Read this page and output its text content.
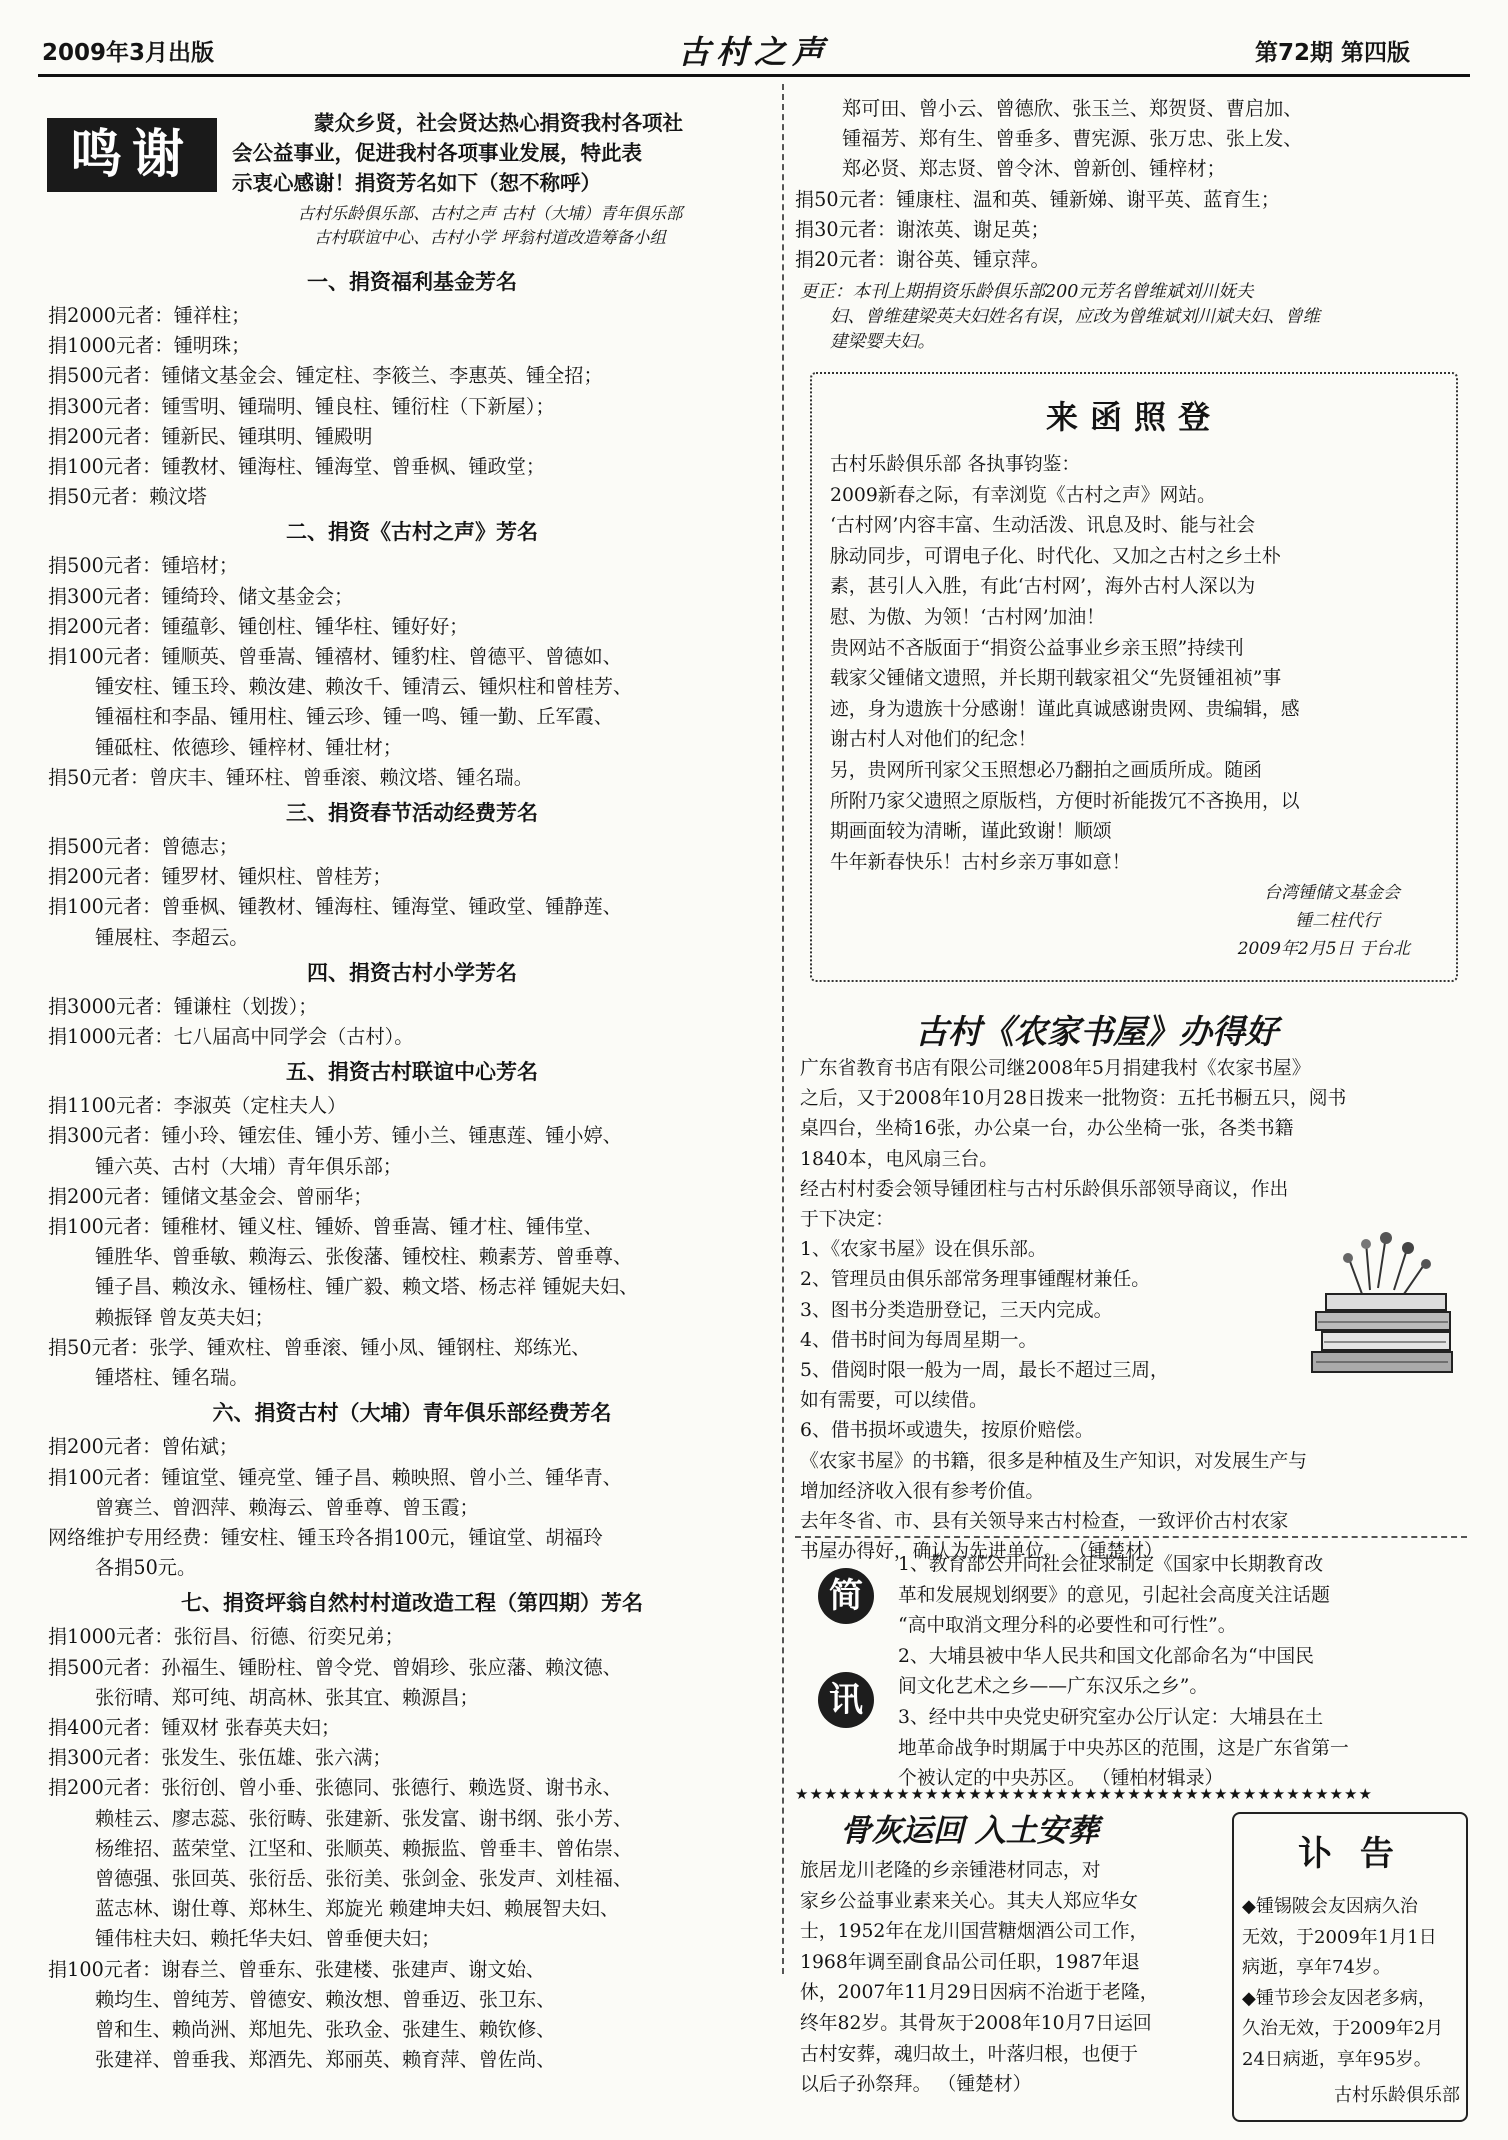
2009年3月出版	古村之声	第72期 第四版
鸣谢

蒙众乡贤，社会贤达热心捐资我村各项社

会公益事业，促进我村各项事业发展，特此表

示衷心感谢！捐资芳名如下（恕不称呼）

古村乐龄俱乐部、古村之声 古村（大埔）青年俱乐部

古村联谊中心、古村小学 坪翁村道改造筹备小组

一、捐资福利基金芳名

捐2000元者：锺祥柱；

捐1000元者：锺明珠；

捐500元者：锺储文基金会、锺定柱、李筱兰、李惠英、锺全招；

捐300元者：锺雪明、锺瑞明、锺良柱、锺衍柱（下新屋）；

捐200元者：锺新民、锺琪明、锺殿明

捐100元者：锺教材、锺海柱、锺海堂、曾垂枫、锺政堂；

捐50元者：赖汶塔

二、捐资《古村之声》芳名

捐500元者：锺培材；

捐300元者：锺绮玲、储文基金会；

捐200元者：锺蕴彰、锺创柱、锺华柱、锺好好；

捐100元者：锺顺英、曾垂嵩、锺禧材、锺豹柱、曾德平、曾德如、

锺安柱、锺玉玲、赖汝建、赖汝千、锺清云、锺炽柱和曾桂芳、

锺福柱和李晶、锺用柱、锺云珍、锺一鸣、锺一勤、丘军霞、

锺砥柱、侬德珍、锺梓材、锺壮材；

捐50元者：曾庆丰、锺环柱、曾垂滚、赖汶塔、锺名瑞。

三、捐资春节活动经费芳名

捐500元者：曾德志；

捐200元者：锺罗材、锺炽柱、曾桂芳；

捐100元者：曾垂枫、锺教材、锺海柱、锺海堂、锺政堂、锺静莲、

锺展柱、李超云。

四、捐资古村小学芳名

捐3000元者：锺谦柱（划拨）；

捐1000元者：七八届高中同学会（古村）。

五、捐资古村联谊中心芳名

捐1100元者：李淑英（定柱夫人）

捐300元者：锺小玲、锺宏佳、锺小芳、锺小兰、锺惠莲、锺小婷、

锺六英、古村（大埔）青年俱乐部；

捐200元者：锺储文基金会、曾丽华；

捐100元者：锺稚材、锺义柱、锺娇、曾垂嵩、锺才柱、锺伟堂、

锺胜华、曾垂敏、赖海云、张俊藩、锺校柱、赖素芳、曾垂尊、

锺子昌、赖汝永、锺杨柱、锺广毅、赖文塔、杨志祥 锺妮夫妇、

赖振铎 曾友英夫妇；

捐50元者：张学、锺欢柱、曾垂滚、锺小凤、锺钢柱、郑练光、

锺塔柱、锺名瑞。

六、捐资古村（大埔）青年俱乐部经费芳名

捐200元者：曾佑斌；

捐100元者：锺谊堂、锺亮堂、锺子昌、赖映照、曾小兰、锺华青、

曾赛兰、曾泗萍、赖海云、曾垂尊、曾玉霞；

网络维护专用经费：锺安柱、锺玉玲各捐100元，锺谊堂、胡福玲

各捐50元。

七、捐资坪翁自然村村道改造工程（第四期）芳名

捐1000元者：张衍昌、衍德、衍奕兄弟；

捐500元者：孙福生、锺盼柱、曾令党、曾娟珍、张应藩、赖汶德、

张衍晴、郑可纯、胡高林、张其宜、赖源昌；

捐400元者：锺双材 张春英夫妇；

捐300元者：张发生、张伍雄、张六满；

捐200元者：张衍创、曾小垂、张德同、张德行、赖选贤、谢书永、

赖桂云、廖志蕊、张衍畴、张建新、张发富、谢书纲、张小芳、

杨维招、蓝荣堂、江坚和、张顺英、赖振监、曾垂丰、曾佑崇、

曾德强、张回英、张衍岳、张衍美、张剑金、张发声、刘桂福、

蓝志林、谢仕尊、郑林生、郑旋光 赖建坤夫妇、赖展智夫妇、

锺伟柱夫妇、赖托华夫妇、曾垂便夫妇；

捐100元者：谢春兰、曾垂东、张建楼、张建声、谢文始、

赖均生、曾纯芳、曾德安、赖汝想、曾垂迈、张卫东、

曾和生、赖尚洲、郑旭先、张玖金、张建生、赖钦修、

张建祥、曾垂我、郑酒先、郑丽英、赖育萍、曾佐尚、

郑可田、曾小云、曾德欣、张玉兰、郑贺贤、曹启加、

锺福芳、郑有生、曾垂多、曹宪源、张万忠、张上发、

郑必贤、郑志贤、曾令沐、曾新创、锺梓材；

捐50元者：锺康柱、温和英、锺新娣、谢平英、蓝育生；

捐30元者：谢浓英、谢足英；

捐20元者：谢谷英、锺京萍。

更正：本刊上期捐资乐龄俱乐部200元芳名曾维斌刘川妩夫

妇、曾维建梁英夫妇姓名有误，应改为曾维斌刘川斌夫妇、曾维

建梁婴夫妇。

来函照登

古村乐龄俱乐部 各执事钧鉴：

2009新春之际，有幸浏览《古村之声》网站。

‘古村网’内容丰富、生动活泼、讯息及时、能与社会

脉动同步，可谓电子化、时代化、又加之古村之乡土朴

素，甚引人入胜，有此‘古村网’，海外古村人深以为

慰、为傲、为领！‘古村网’加油！

贵网站不吝版面于“捐资公益事业乡亲玉照”持续刊

载家父锺储文遗照，并长期刊载家祖父“先贤锺祖祯”事

迹，身为遗族十分感谢！谨此真诚感谢贵网、贵编辑，感

谢古村人对他们的纪念！

另，贵网所刊家父玉照想必乃翻拍之画质所成。随函

所附乃家父遗照之原版档，方便时祈能拨冗不吝换用，以

期画面较为清晰，谨此致谢！顺颂

牛年新春快乐！古村乡亲万事如意！

台湾锺储文基金会

锺二柱代行

2009年2月5日 于台北

古村《农家书屋》办得好

广东省教育书店有限公司继2008年5月捐建我村《农家书屋》

之后，又于2008年10月28日拨来一批物资：五托书橱五只，阅书

桌四台，坐椅16张，办公桌一台，办公坐椅一张，各类书籍

1840本，电风扇三台。

经古村村委会领导锺团柱与古村乐龄俱乐部领导商议，作出

于下决定：

1、《农家书屋》设在俱乐部。

2、管理员由俱乐部常务理事锺醒材兼任。

3、图书分类造册登记，三天内完成。

4、借书时间为每周星期一。

5、借阅时限一般为一周，最长不超过三周，

如有需要，可以续借。

6、借书损坏或遗失，按原价赔偿。

《农家书屋》的书籍，很多是种植及生产知识，对发展生产与

增加经济收入很有参考价值。

去年冬省、市、县有关领导来古村检查，一致评价古村农家

书屋办得好，确认为先进单位。 （锺楚材）

简
讯

1、教育部公开向社会征求制定《国家中长期教育改

革和发展规划纲要》的意见，引起社会高度关注话题

“高中取消文理分科的必要性和可行性”。

2、大埔县被中华人民共和国文化部命名为“中国民

间文化艺术之乡——广东汉乐之乡”。

3、经中共中央党史研究室办公厅认定：大埔县在土

地革命战争时期属于中央苏区的范围，这是广东省第一

个被认定的中央苏区。 （锺柏材辑录）

★★★★★★★★★★★★★★★★★★★★★★★★★★★★★★★★★★★★★★★★
骨灰运回 入土安葬

旅居龙川老隆的乡亲锺港材同志，对

家乡公益事业素来关心。其夫人郑应华女

士，1952年在龙川国营糖烟酒公司工作，

1968年调至副食品公司任职，1987年退

休，2007年11月29日因病不治逝于老隆，

终年82岁。其骨灰于2008年10月7日运回

古村安葬，魂归故土，叶落归根，也便于

以后子孙祭拜。 （锺楚材）

讣 告

◆锺锡陂会友因病久治

无效，于2009年1月1日

病逝，享年74岁。

◆锺节珍会友因老多病，

久治无效，于2009年2月

24日病逝，享年95岁。

古村乐龄俱乐部
